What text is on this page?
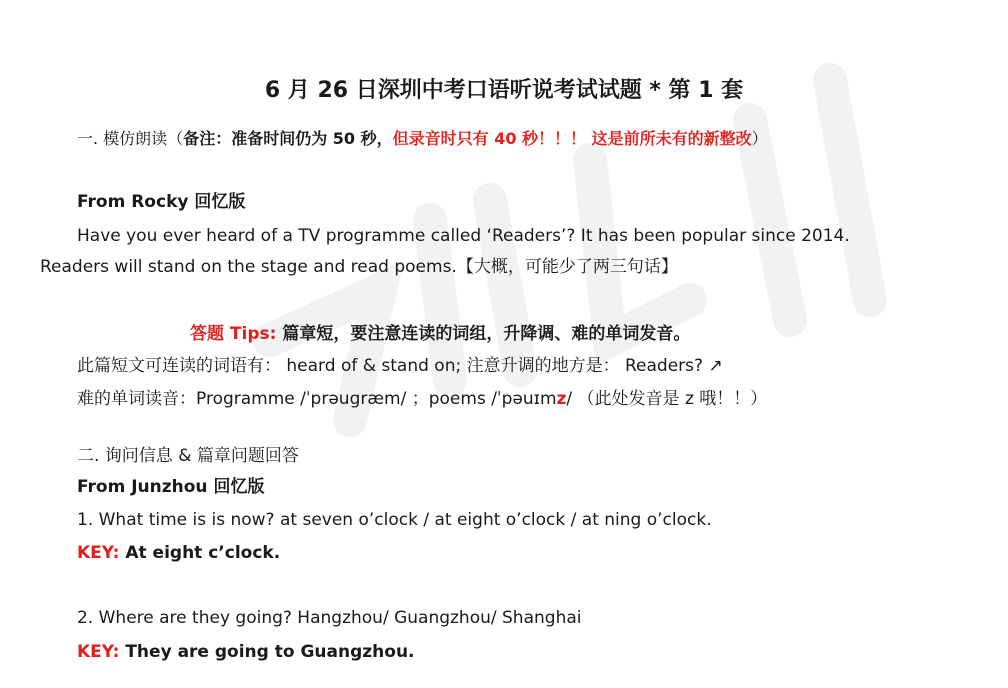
6 月 26 日深圳中考口语听说考试试题 * 第 1 套
一. 模仿朗读（备注：准备时间仍为 50 秒，但录音时只有 40 秒！！！ 这是前所未有的新整改）
From Rocky 回忆版
Have you ever heard of a TV programme called ‘Readers’? It has been popular since 2014.
Readers will stand on the stage and read poems.【大概，可能少了两三句话】
答题 Tips: 篇章短，要注意连读的词组，升降调、难的单词发音。
此篇短文可连读的词语有： heard of & stand on; 注意升调的地方是： Readers? ↗
难的单词读音：Programme /ˈprəugræm/ ；poems /ˈpəuɪmz/ （此处发音是 z 哦！！）
二. 询问信息 & 篇章问题回答
From Junzhou 回忆版
1. What time is is now? at seven o’clock / at eight o’clock / at ning o’clock.
KEY: At eight c’clock.
2. Where are they going? Hangzhou/ Guangzhou/ Shanghai
KEY: They are going to Guangzhou.
